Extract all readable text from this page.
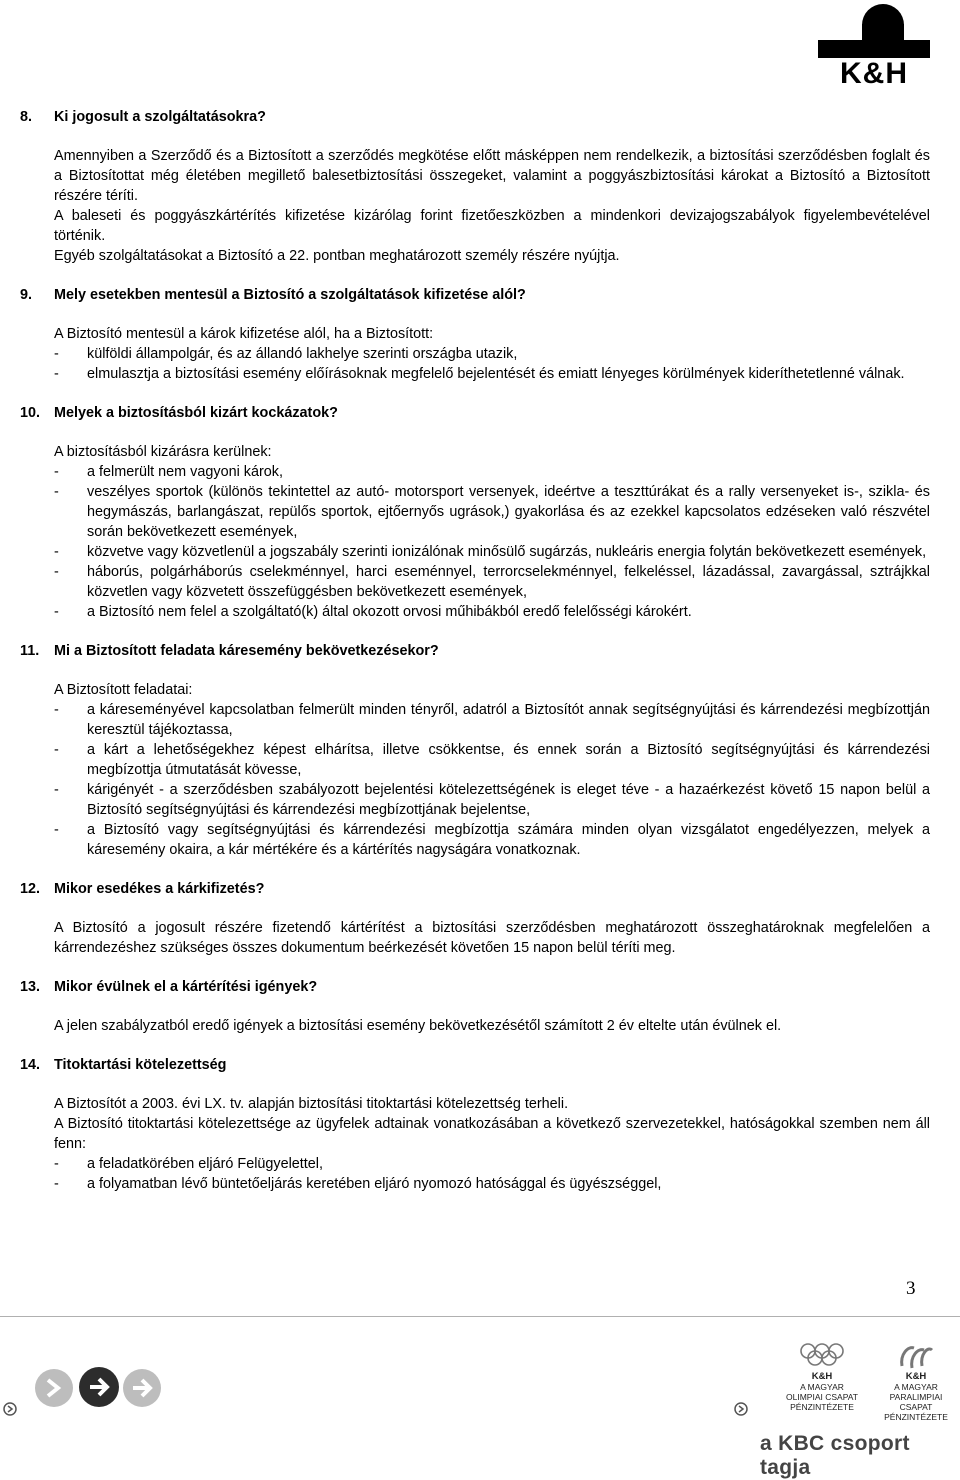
K&H
8.	Ki jogosult a szolgáltatásokra?

Amennyiben a Szerződő és a Biztosított a szerződés megkötése előtt másképpen nem rendelkezik, a biztosítási szerződésben foglalt és a Biztosítottat még életében megillető balesetbiztosítási összegeket, valamint a poggyászbiztosítási károkat a Biztosító a Biztosított részére téríti.

A baleseti és poggyászkártérítés kifizetése kizárólag forint fizetőeszközben a mindenkori devizajogszabályok figyelembevételével történik.

Egyéb szolgáltatásokat a Biztosító a 22. pontban meghatározott személy részére nyújtja.

9.	Mely esetekben mentesül a Biztosító a szolgáltatások kifizetése alól?

A Biztosító mentesül a károk kifizetése alól, ha a Biztosított:

-	külföldi állampolgár, és az állandó lakhelye szerinti országba utazik,
-	elmulasztja a biztosítási esemény előírásoknak megfelelő bejelentését és emiatt lényeges körülmények kideríthetetlenné válnak.
10. Melyek a biztosításból kizárt kockázatok?

A biztosításból kizárásra kerülnek:

-	a felmerült nem vagyoni károk,
-	veszélyes sportok (különös tekintettel az autó- motorsport versenyek, ideértve a teszttúrákat és a rally versenyeket is-, szikla- és hegymászás, barlangászat, repülős sportok, ejtőernyős ugrások,) gyakorlása és az ezekkel kapcsolatos edzéseken való részvétel során bekövetkezett események,
-	közvetve vagy közvetlenül a jogszabály szerinti ionizálónak minősülő sugárzás, nukleáris energia folytán bekövetkezett események,
-	háborús, polgárháborús cselekménnyel, harci eseménnyel, terrorcselekménnyel, felkeléssel, lázadással, zavargással, sztrájkkal közvetlen vagy közvetett összefüggésben bekövetkezett események,
-	a Biztosító nem felel a szolgáltató(k) által okozott orvosi műhibákból eredő felelősségi károkért.
11.	Mi a Biztosított feladata káresemény bekövetkezésekor?

A Biztosított feladatai:

-	a káreseményével kapcsolatban felmerült minden tényről, adatról a Biztosítót annak segítségnyújtási és kárrendezési megbízottján keresztül tájékoztassa,
-	a kárt a lehetőségekhez képest elhárítsa, illetve csökkentse, és ennek során a Biztosító segítségnyújtási és kárrendezési megbízottja útmutatását kövesse,
-	kárigényét - a szerződésben szabályozott bejelentési kötelezettségének is eleget téve - a hazaérkezést követő 15 napon belül a Biztosító segítségnyújtási és kárrendezési megbízottjának bejelentse,
-	a Biztosító vagy segítségnyújtási és kárrendezési megbízottja számára minden olyan vizsgálatot engedélyezzen, melyek a káresemény okaira, a kár mértékére és a kártérítés nagyságára vonatkoznak.
12. Mikor esedékes a kárkifizetés?

A Biztosító a jogosult részére fizetendő kártérítést a biztosítási szerződésben meghatározott összeghatároknak megfelelően a kárrendezéshez szükséges összes dokumentum beérkezését követően 15 napon belül téríti meg.

13. Mikor évülnek el a kártérítési igények?

A jelen szabályzatból eredő igények a biztosítási esemény bekövetkezésétől számított 2 év eltelte után évülnek el.

14. Titoktartási kötelezettség

A Biztosítót a 2003. évi LX. tv. alapján biztosítási titoktartási kötelezettség terheli.

A Biztosító titoktartási kötelezettsége az ügyfelek adtainak vonatkozásában a következő szervezetekkel, hatóságokkal szemben nem áll fenn:

-	a feladatkörében eljáró Felügyelettel,
-	a folyamatban lévő büntetőeljárás keretében eljáró nyomozó hatósággal és ügyészséggel,
3
K&H
A MAGYAR
OLIMPIAI CSAPAT
PÉNZINTÉZETE
K&H
A MAGYAR
PARALIMPIAI CSAPAT
PÉNZINTÉZETE
a KBC csoport tagja
